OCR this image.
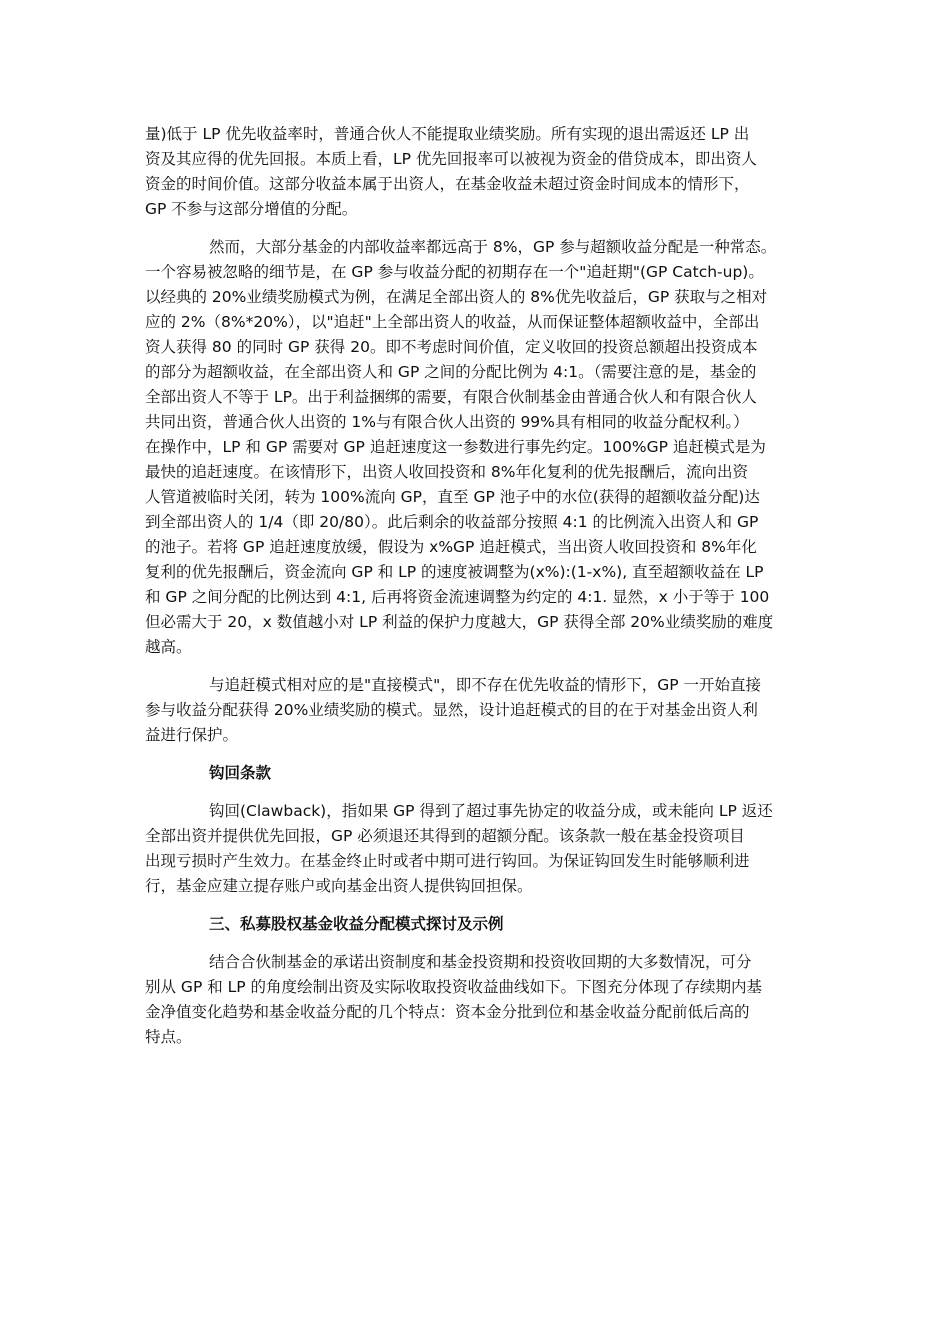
量)低于 LP 优先收益率时，普通合伙人不能提取业绩奖励。所有实现的退出需返还 LP 出
资及其应得的优先回报。本质上看，LP 优先回报率可以被视为资金的借贷成本，即出资人
资金的时间价值。这部分收益本属于出资人，在基金收益未超过资金时间成本的情形下，
GP 不参与这部分增值的分配。

然而，大部分基金的内部收益率都远高于 8%，GP 参与超额收益分配是一种常态。
一个容易被忽略的细节是，在 GP 参与收益分配的初期存在一个"追赶期"(GP Catch-up)。
以经典的 20%业绩奖励模式为例，在满足全部出资人的 8%优先收益后，GP 获取与之相对
应的 2%（8%*20%），以"追赶"上全部出资人的收益，从而保证整体超额收益中，全部出
资人获得 80 的同时 GP 获得 20。即不考虑时间价值，定义收回的投资总额超出投资成本
的部分为超额收益，在全部出资人和 GP 之间的分配比例为 4:1。（需要注意的是，基金的
全部出资人不等于 LP。出于利益捆绑的需要，有限合伙制基金由普通合伙人和有限合伙人
共同出资，普通合伙人出资的 1%与有限合伙人出资的 99%具有相同的收益分配权利。）
在操作中，LP 和 GP 需要对 GP 追赶速度这一参数进行事先约定。100%GP 追赶模式是为
最快的追赶速度。在该情形下，出资人收回投资和 8%年化复利的优先报酬后，流向出资
人管道被临时关闭，转为 100%流向 GP，直至 GP 池子中的水位(获得的超额收益分配)达
到全部出资人的 1/4（即 20/80）。此后剩余的收益部分按照 4:1 的比例流入出资人和 GP
的池子。若将 GP 追赶速度放缓，假设为 x%GP 追赶模式，当出资人收回投资和 8%年化
复利的优先报酬后，资金流向 GP 和 LP 的速度被调整为(x%):(1-x%), 直至超额收益在 LP
和 GP 之间分配的比例达到 4:1, 后再将资金流速调整为约定的 4:1. 显然，x 小于等于 100
但必需大于 20，x 数值越小对 LP 利益的保护力度越大，GP 获得全部 20%业绩奖励的难度
越高。

与追赶模式相对应的是"直接模式"，即不存在优先收益的情形下，GP 一开始直接
参与收益分配获得 20%业绩奖励的模式。显然，设计追赶模式的目的在于对基金出资人利
益进行保护。

钩回条款

钩回(Clawback)，指如果 GP 得到了超过事先协定的收益分成，或未能向 LP 返还
全部出资并提供优先回报，GP 必须退还其得到的超额分配。该条款一般在基金投资项目
出现亏损时产生效力。在基金终止时或者中期可进行钩回。为保证钩回发生时能够顺利进
行，基金应建立提存账户或向基金出资人提供钩回担保。

三、私募股权基金收益分配模式探讨及示例

结合合伙制基金的承诺出资制度和基金投资期和投资收回期的大多数情况，可分
别从 GP 和 LP 的角度绘制出资及实际收取投资收益曲线如下。下图充分体现了存续期内基
金净值变化趋势和基金收益分配的几个特点：资本金分批到位和基金收益分配前低后高的
特点。
